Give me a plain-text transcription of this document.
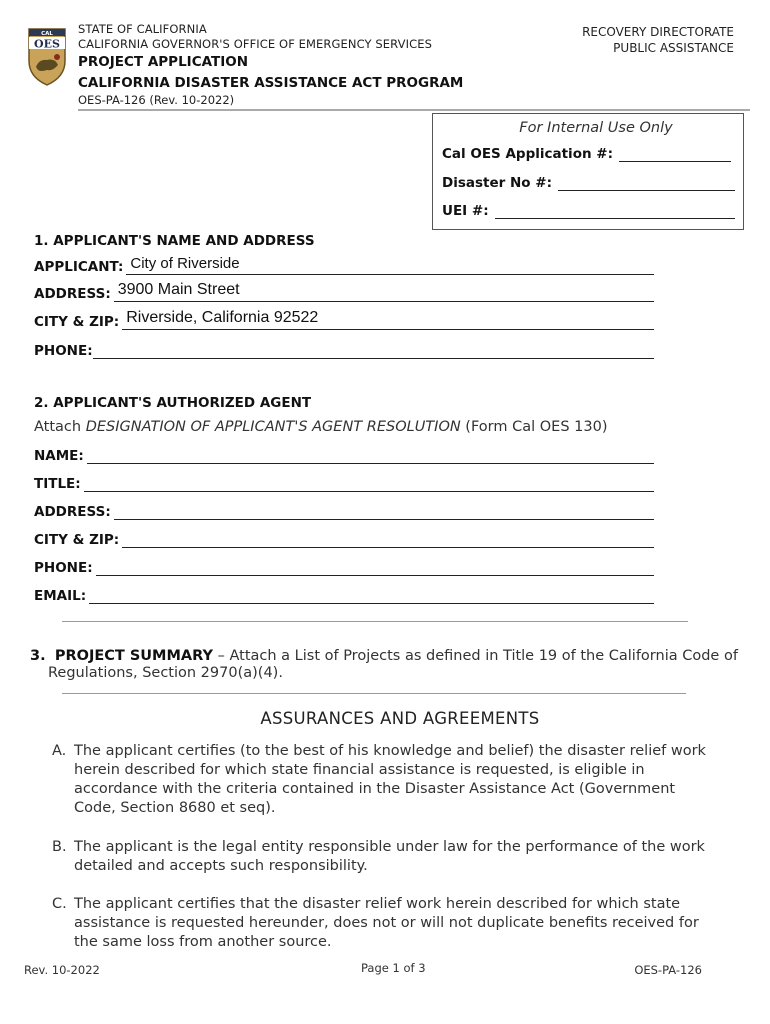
CAL
OES
STATE OF CALIFORNIA
CALIFORNIA GOVERNOR'S OFFICE OF EMERGENCY SERVICES
PROJECT APPLICATION
CALIFORNIA DISASTER ASSISTANCE ACT PROGRAM
OES-PA-126 (Rev. 10-2022)
RECOVERY DIRECTORATE
PUBLIC ASSISTANCE
For Internal Use Only
Cal OES Application #:
Disaster No #:
UEI #:
1. APPLICANT'S NAME AND ADDRESS
APPLICANT: City of Riverside
ADDRESS: 3900 Main Street
CITY & ZIP: Riverside, California 92522
PHONE:
2. APPLICANT'S AUTHORIZED AGENT
Attach DESIGNATION OF APPLICANT'S AGENT RESOLUTION (Form Cal OES 130)
NAME:
TITLE:
ADDRESS:
CITY & ZIP:
PHONE:
EMAIL:
3. PROJECT SUMMARY – Attach a List of Projects as defined in Title 19 of the California Code of
Regulations, Section 2970(a)(4).
ASSURANCES AND AGREEMENTS
A. The applicant certifies (to the best of his knowledge and belief) the disaster relief work
herein described for which state financial assistance is requested, is eligible in
accordance with the criteria contained in the Disaster Assistance Act (Government
Code, Section 8680 et seq).
B. The applicant is the legal entity responsible under law for the performance of the work
detailed and accepts such responsibility.
C. The applicant certifies that the disaster relief work herein described for which state
assistance is requested hereunder, does not or will not duplicate benefits received for
the same loss from another source.
Rev. 10-2022	Page 1 of 3	OES-PA-126
